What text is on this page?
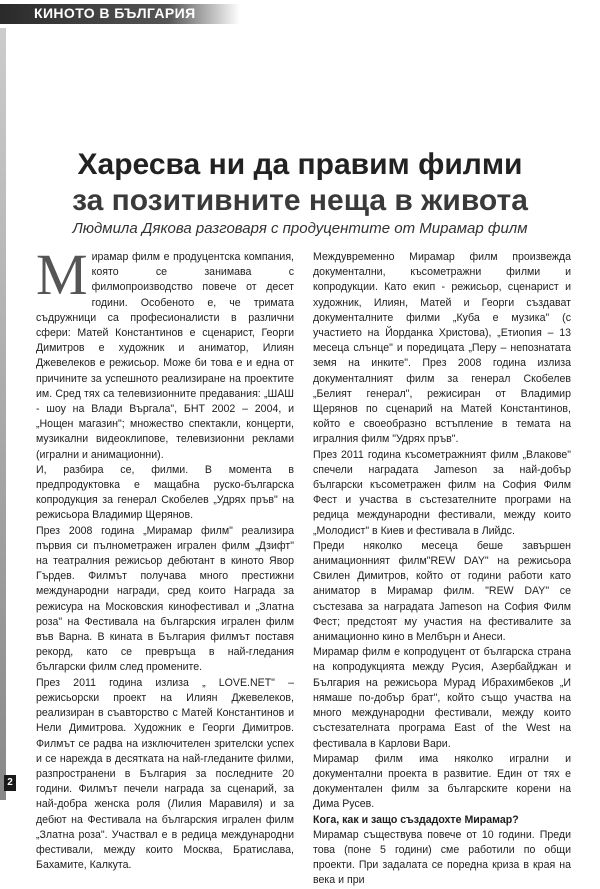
КИНОТО В БЪЛГАРИЯ
2
Харесва ни да правим филми
за позитивните неща в живота
Людмила Дякова разговаря с продуцентите от Мирамар филм

Мирамар филм е продуцентска компания, която се занимава с филмопроизводство повече от десет години. Особеното е, че тримата съдружници са професионалисти в различни сфери: Матей Константинов е сценарист, Георги Димитров е художник и аниматор, Илиян Джевелеков е режисьор. Може би това е и една от причините за успешното реализиране на проектите им. Сред тях са телевизионните предавания: „ШАШ - шоу на Влади Въргала", БНТ 2002 – 2004, и „Нощен магазин"; множество спектакли, концерти, музикални видеоклипове, телевизионни реклами (игрални и анимационни).

И, разбира се, филми. В момента в предпродуктовка е мащабна руско-българска копродукция за генерал Скобелев „Удрях пръв" на режисьора Владимир Щерянов.

През 2008 година „Мирамар филм" реализира първия си пълнометражен игрален филм „Дзифт" на театралния режисьор дебютант в киното Явор Гърдев. Филмът получава много престижни международни награди, сред които Награда за режисура на Московския кинофестивал и „Златна роза" на Фестивала на българския игрален филм във Варна. В кината в България филмът поставя рекорд, като се превръща в най-гледания български филм след промените.

През 2011 година излиза „ LOVE.NET" – режисьорски проект на Илиян Джевелеков, реализиран в съавторство с Матей Константинов и Нели Димитрова. Художник е Георги Димитров. Филмът се радва на изключителен зрителски успех и се нарежда в десятката на най-гледаните филми, разпространени в България за последните 20 години. Филмът печели награда за сценарий, за най-добра женска роля (Лилия Маравиля) и за дебют на Фестивала на българския игрален филм „Златна роза". Участвал е в редица международни фестивали, между които Москва, Братислава, Бахамите, Калкута.

Междувременно Мирамар филм произвежда документални, късометражни филми и копродукции. Като екип - режисьор, сценарист и художник, Илиян, Матей и Георги създават документалните филми „Куба е музика" (с участието на Йорданка Христова), „Етиопия – 13 месеца слънце" и поредицата „Перу – непознатата земя на инките". През 2008 година излиза документалният филм за генерал Скобелев „Белият генерал", режисиран от Владимир Щерянов по сценарий на Матей Константинов, който е своеобразно встъпление в темата на игралния филм "Удрях пръв".

През 2011 година късометражният филм „Влакове" спечели наградата Jameson за най-добър български късометражен филм на София Филм Фест и участва в състезателните програми на редица международни фестивали, между които „Молодист" в Киев и фестивала в Лийдс.

Преди няколко месеца беше завършен анимационният филм"REW DAY" на режисьора Свилен Димитров, който от години работи като аниматор в Мирамар филм. "REW DAY" се състезава за наградата Jameson на София Филм Фест; предстоят му участия на фестивалите за анимационно кино в Мелбърн и Анеси.

Мирамар филм е копродуцент от българска страна на копродукцията между Русия, Азербайджан и България на режисьора Мурад Ибрахимбеков „И нямаше по-добър брат", който също участва на много международни фестивали, между които състезателната програма East of the West на фестивала в Карлови Вари.

Мирамар филм има няколко игрални и документални проекта в развитие. Един от тях е документален филм за българските корени на Дима Русев.

Кога, как и защо създадохте Мирамар?

Мирамар съществува повече от 10 години. Преди това (поне 5 години) сме работили по общи проекти. При задалата се поредна криза в края на века и при
